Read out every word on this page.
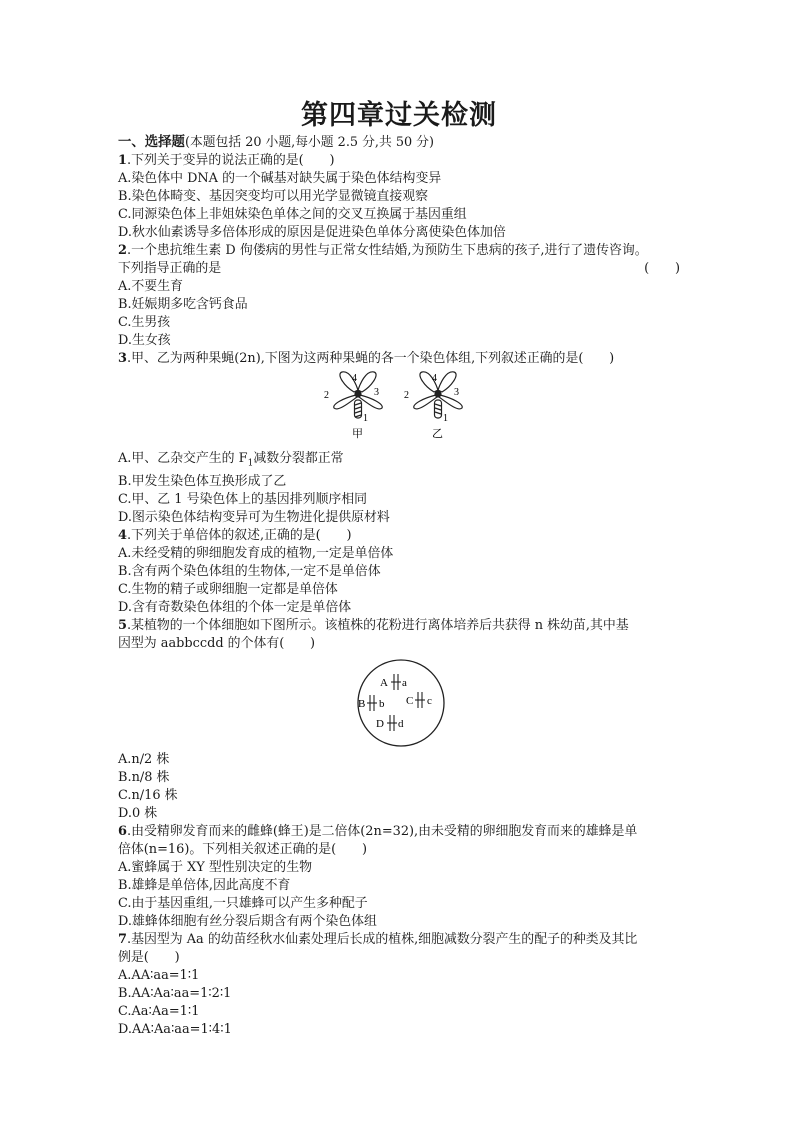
第四章过关检测
一、选择题(本题包括 20 小题,每小题 2.5 分,共 50 分)
1.下列关于变异的说法正确的是(　　)
A.染色体中 DNA 的一个碱基对缺失属于染色体结构变异
B.染色体畸变、基因突变均可以用光学显微镜直接观察
C.同源染色体上非姐妹染色单体之间的交叉互换属于基因重组
D.秋水仙素诱导多倍体形成的原因是促进染色单体分离使染色体加倍
2.一个患抗维生素 D 佝偻病的男性与正常女性结婚,为预防生下患病的孩子,进行了遗传咨询。
下列指导正确的是	(　　)
A.不要生育
B.妊娠期多吃含钙食品
C.生男孩
D.生女孩
3.甲、乙为两种果蝇(2n),下图为这两种果蝇的各一个染色体组,下列叙述正确的是(　　)
2
4
3
1
甲
4
3
2
1
乙
A.甲、乙杂交产生的 $F_1$减数分裂都正常
B.甲发生染色体互换形成了乙
C.甲、乙 1 号染色体上的基因排列顺序相同
D.图示染色体结构变异可为生物进化提供原材料
4.下列关于单倍体的叙述,正确的是(　　)
A.未经受精的卵细胞发育成的植物,一定是单倍体
B.含有两个染色体组的生物体,一定不是单倍体
C.生物的精子或卵细胞一定都是单倍体
D.含有奇数染色体组的个体一定是单倍体
5.某植物的一个体细胞如下图所示。该植株的花粉进行离体培养后共获得 n 株幼苗,其中基
因型为 aabbccdd 的个体有(　　)
A a
B b C c
D d
A.n/2 株
B.n/8 株
C.n/16 株
D.0 株
6.由受精卵发育而来的雌蜂(蜂王)是二倍体(2n=32),由未受精的卵细胞发育而来的雄蜂是单
倍体(n=16)。下列相关叙述正确的是(　　)
A.蜜蜂属于 XY 型性别决定的生物
B.雄蜂是单倍体,因此高度不育
C.由于基因重组,一只雄蜂可以产生多种配子
D.雄蜂体细胞有丝分裂后期含有两个染色体组
7.基因型为 Aa 的幼苗经秋水仙素处理后长成的植株,细胞减数分裂产生的配子的种类及其比
例是(　　)
A.AA∶aa=1∶1
B.AA∶Aa∶aa=1∶2∶1
C.Aa∶Aa=1∶1
D.AA∶Aa∶aa=1∶4∶1
